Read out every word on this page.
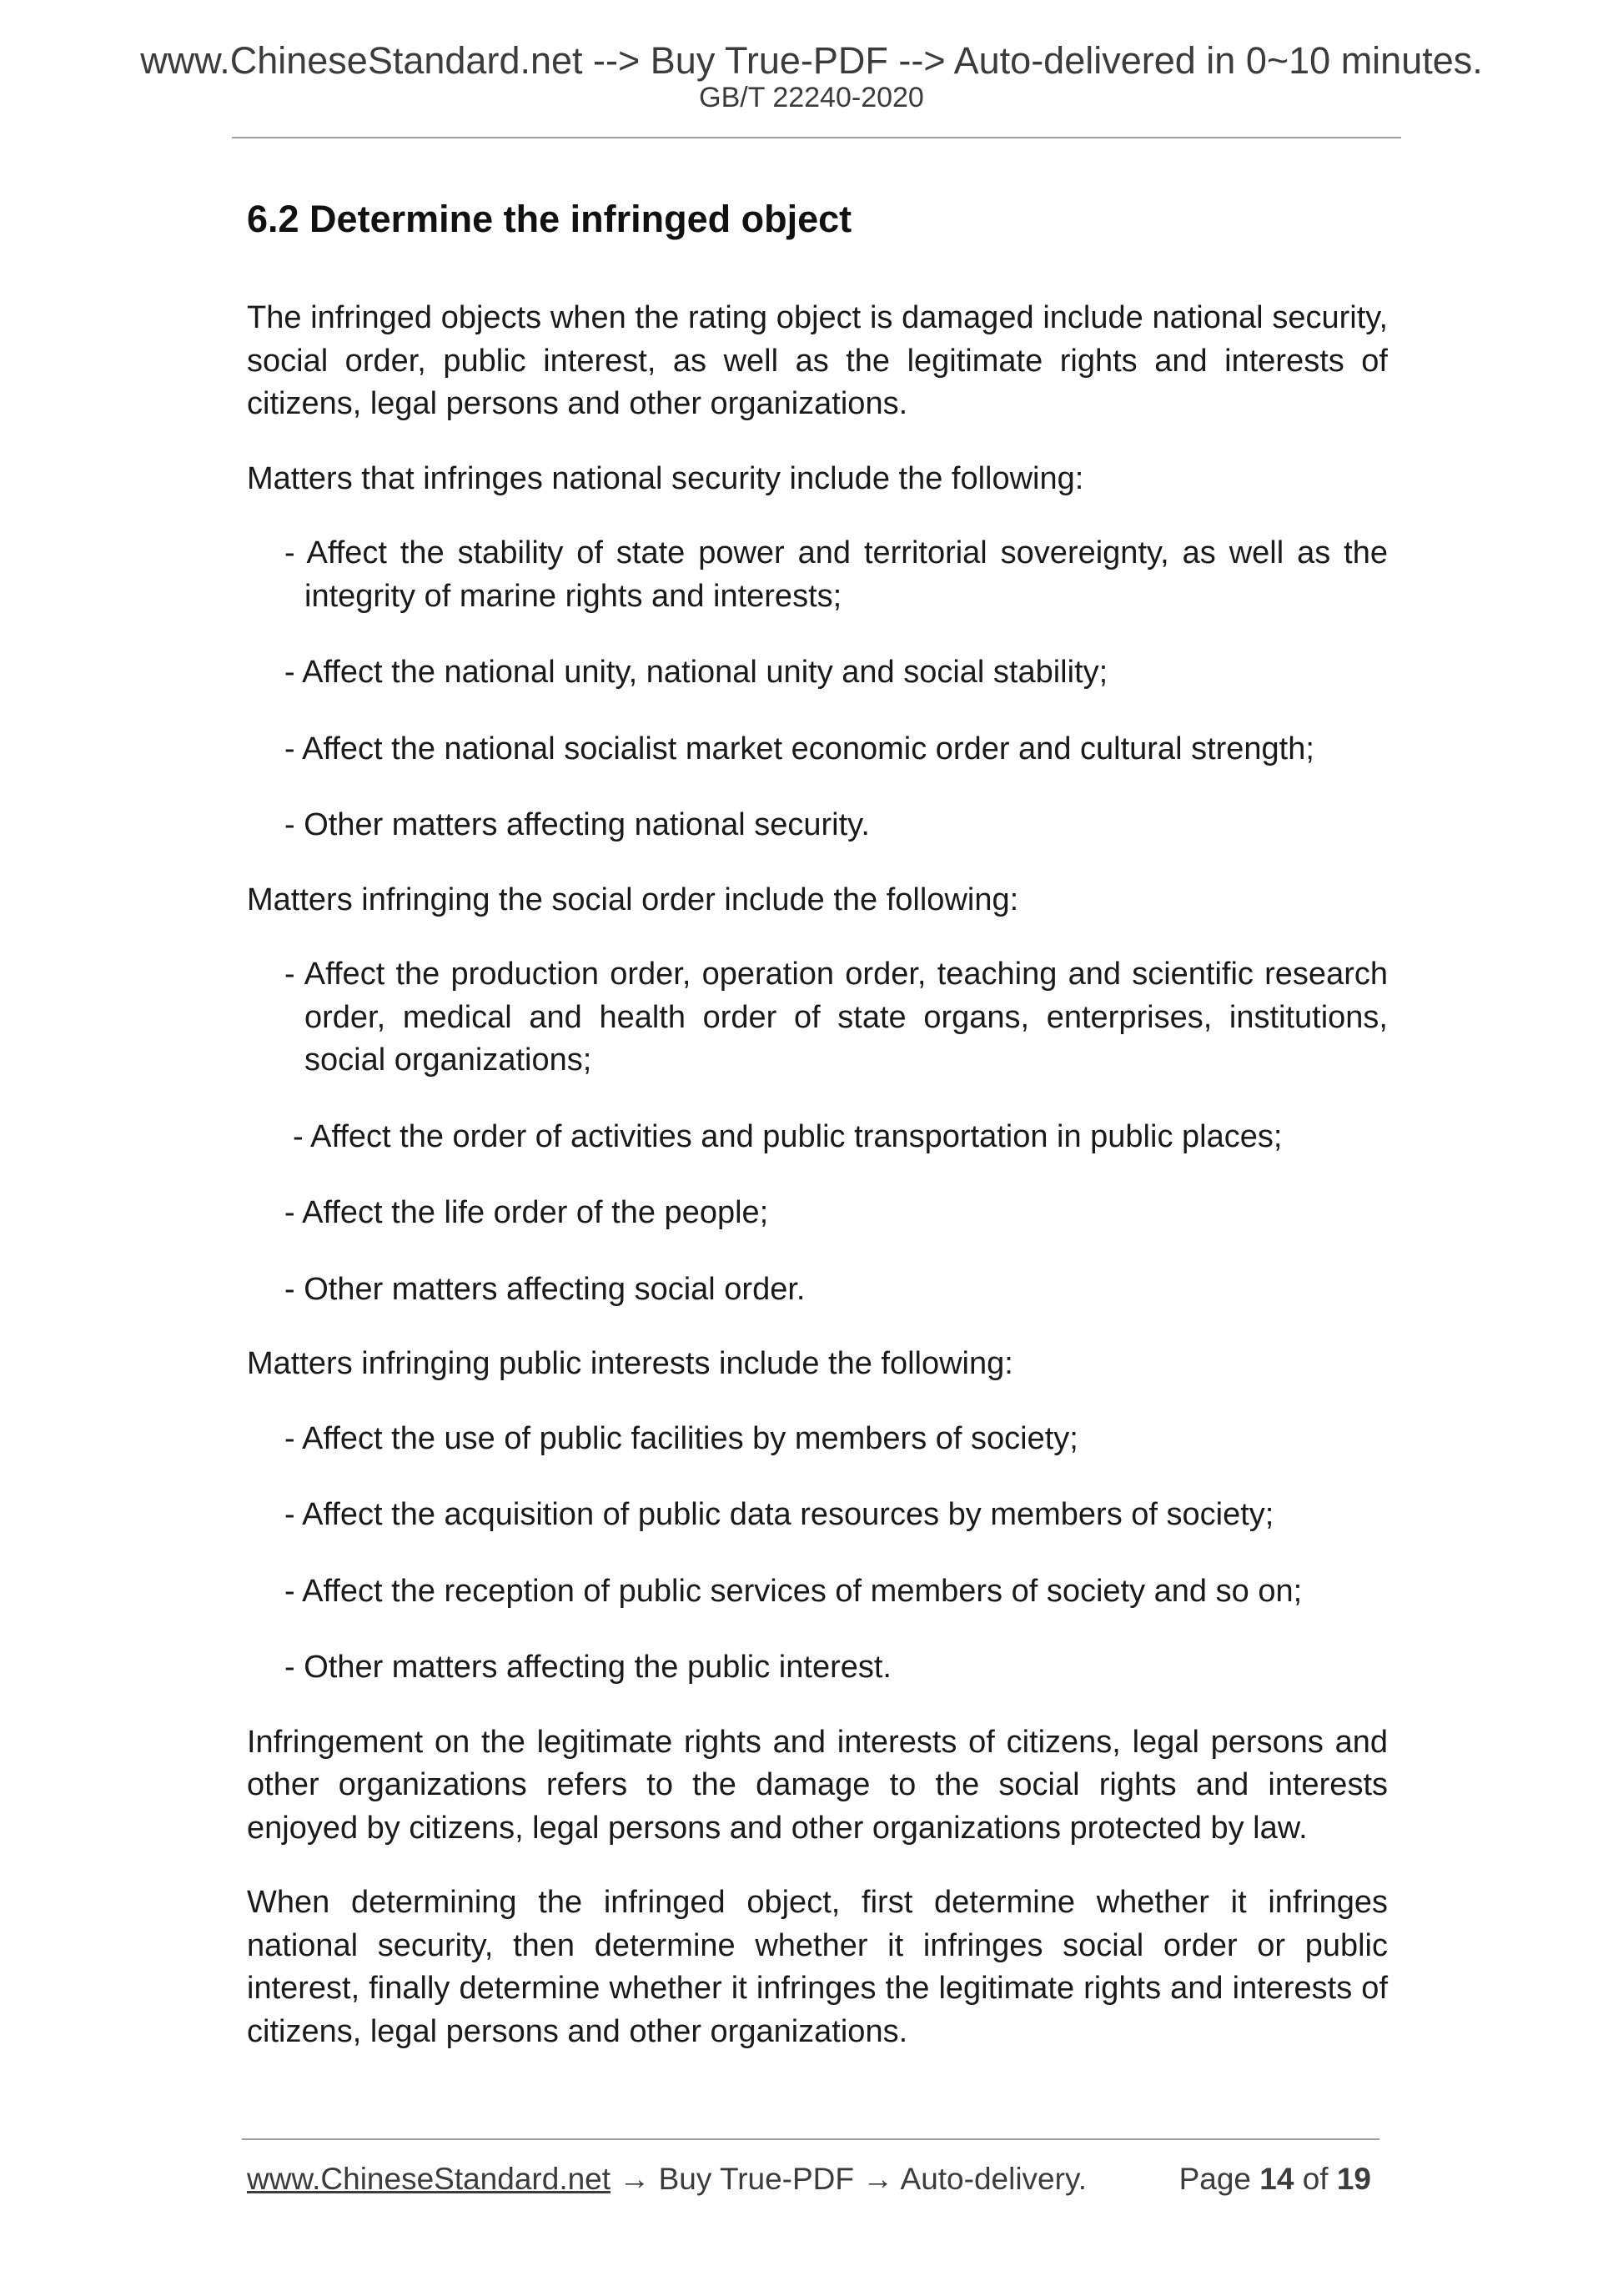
www.ChineseStandard.net --> Buy True-PDF --> Auto-delivered in 0~10 minutes.
GB/T 22240-2020
6.2 Determine the infringed object

The infringed objects when the rating object is damaged include national security, social order, public interest, as well as the legitimate rights and interests of citizens, legal persons and other organizations.

Matters that infringes national security include the following:

- Affect the stability of state power and territorial sovereignty, as well as the integrity of marine rights and interests;
- Affect the national unity, national unity and social stability;
- Affect the national socialist market economic order and cultural strength;
- Other matters affecting national security.

Matters infringing the social order include the following:

- Affect the production order, operation order, teaching and scientific research order, medical and health order of state organs, enterprises, institutions, social organizations;
- Affect the order of activities and public transportation in public places;
- Affect the life order of the people;
- Other matters affecting social order.

Matters infringing public interests include the following:

- Affect the use of public facilities by members of society;
- Affect the acquisition of public data resources by members of society;
- Affect the reception of public services of members of society and so on;
- Other matters affecting the public interest.

Infringement on the legitimate rights and interests of citizens, legal persons and other organizations refers to the damage to the social rights and interests enjoyed by citizens, legal persons and other organizations protected by law.

When determining the infringed object, first determine whether it infringes national security, then determine whether it infringes social order or public interest, finally determine whether it infringes the legitimate rights and interests of citizens, legal persons and other organizations.

www.ChineseStandard.net → Buy True-PDF → Auto-delivery.	Page 14 of 19
